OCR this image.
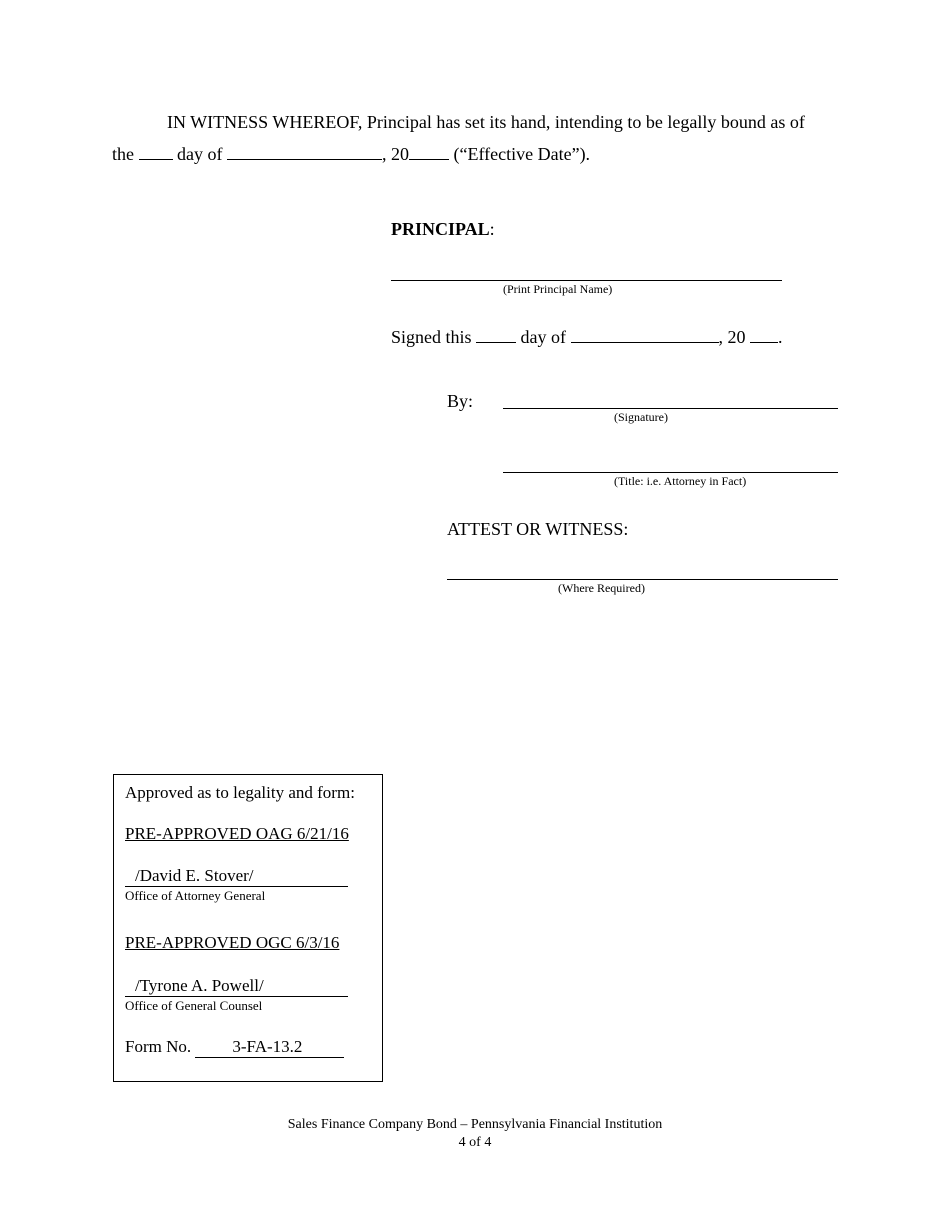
IN WITNESS WHEREOF, Principal has set its hand, intending to be legally bound as of
the day of	, 20 (“Effective Date”).
PRINCIPAL:
(Print Principal Name)
Signed this	day of	, 20 .
By:
(Signature)
(Title: i.e. Attorney in Fact)
ATTEST OR WITNESS:
(Where Required)
Approved as to legality and form:
PRE-APPROVED OAG 6/21/16
/David E. Stover/
Office of Attorney General
PRE-APPROVED OGC 6/3/16
/Tyrone A. Powell/
Office of General Counsel
Form No. 3-FA-13.2
Sales Finance Company Bond – Pennsylvania Financial Institution
4 of 4
